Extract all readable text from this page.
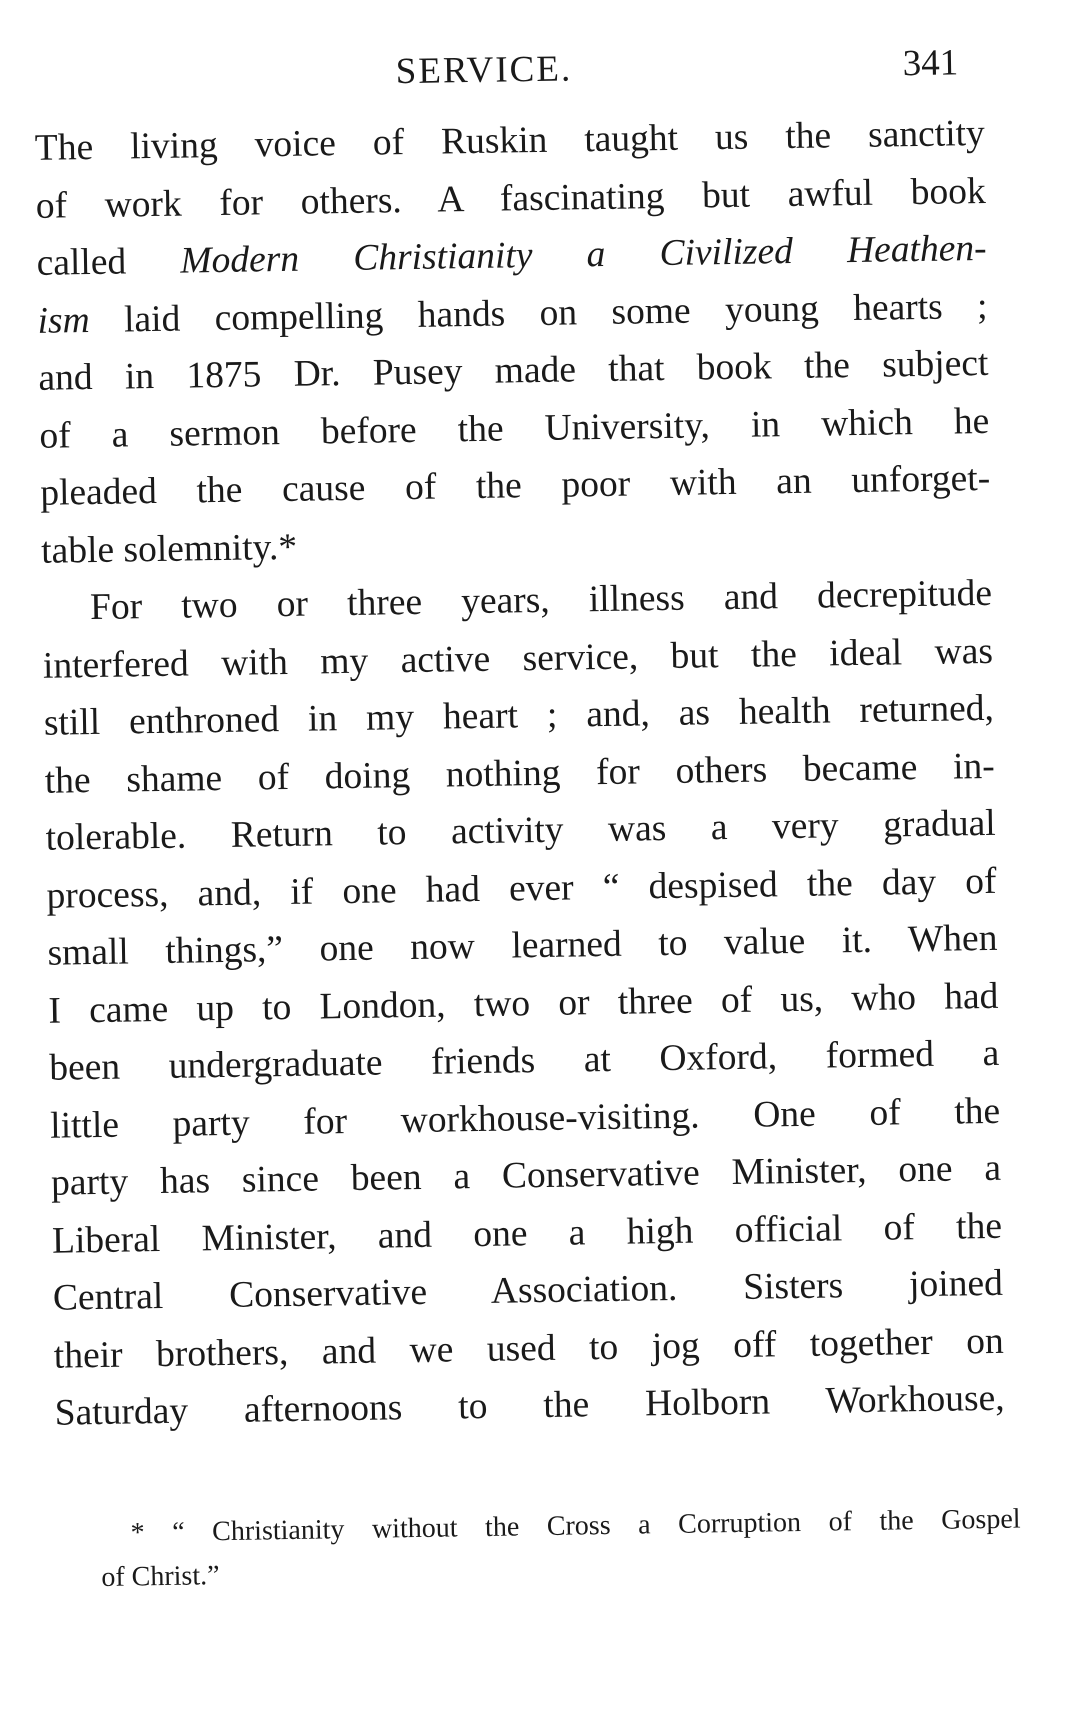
SERVICE.	341
The living voice of Ruskin taught us the sanctity
of work for others. A fascinating but awful book
called Modern Christianity a Civilized Heathen-
ism laid compelling hands on some young hearts ;
and in 1875 Dr. Pusey made that book the subject
of a sermon before the University, in which he
pleaded the cause of the poor with an unforget-
table solemnity.*
For two or three years, illness and decrepitude
interfered with my active service, but the ideal was
still enthroned in my heart ; and, as health returned,
the shame of doing nothing for others became in-
tolerable. Return to activity was a very gradual
process, and, if one had ever “ despised the day of
small things,” one now learned to value it. When
I came up to London, two or three of us, who had
been undergraduate friends at Oxford, formed a
little party for workhouse-visiting. One of the
party has since been a Conservative Minister, one a
Liberal Minister, and one a high official of the
Central Conservative Association. Sisters joined
their brothers, and we used to jog off together on
Saturday afternoons to the Holborn Workhouse,
* “ Christianity without the Cross a Corruption of the Gospel
of Christ.”
